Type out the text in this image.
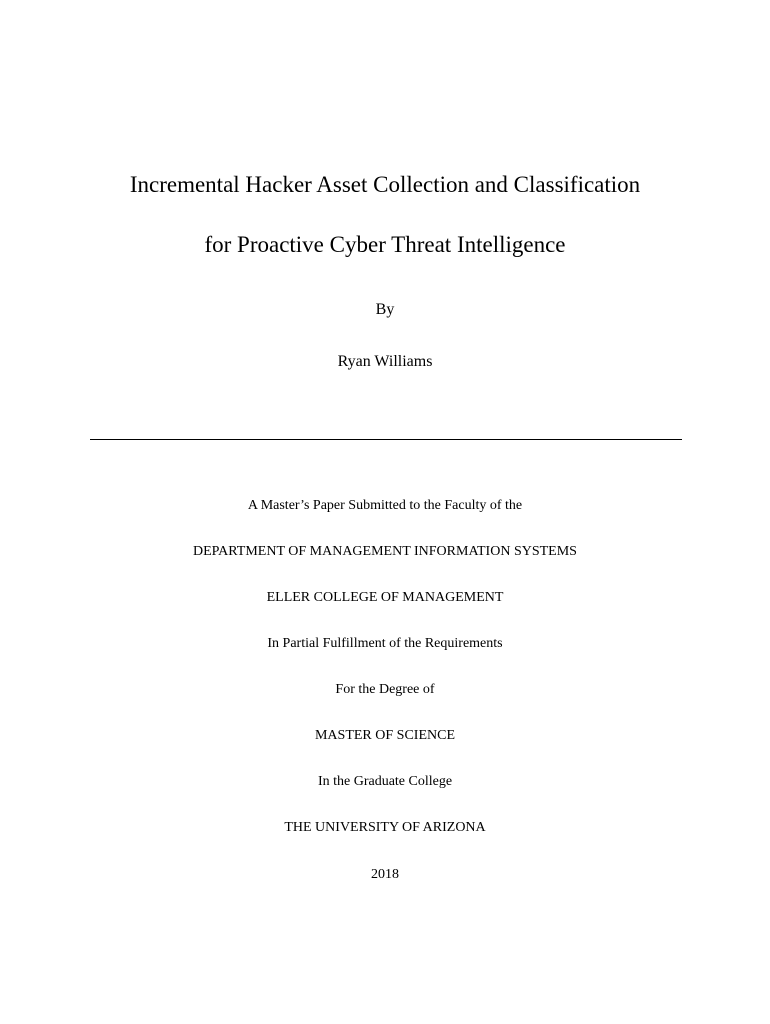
Incremental Hacker Asset Collection and Classification
for Proactive Cyber Threat Intelligence
By
Ryan Williams
A Master’s Paper Submitted to the Faculty of the
DEPARTMENT OF MANAGEMENT INFORMATION SYSTEMS
ELLER COLLEGE OF MANAGEMENT
In Partial Fulfillment of the Requirements
For the Degree of
MASTER OF SCIENCE
In the Graduate College
THE UNIVERSITY OF ARIZONA
2018
